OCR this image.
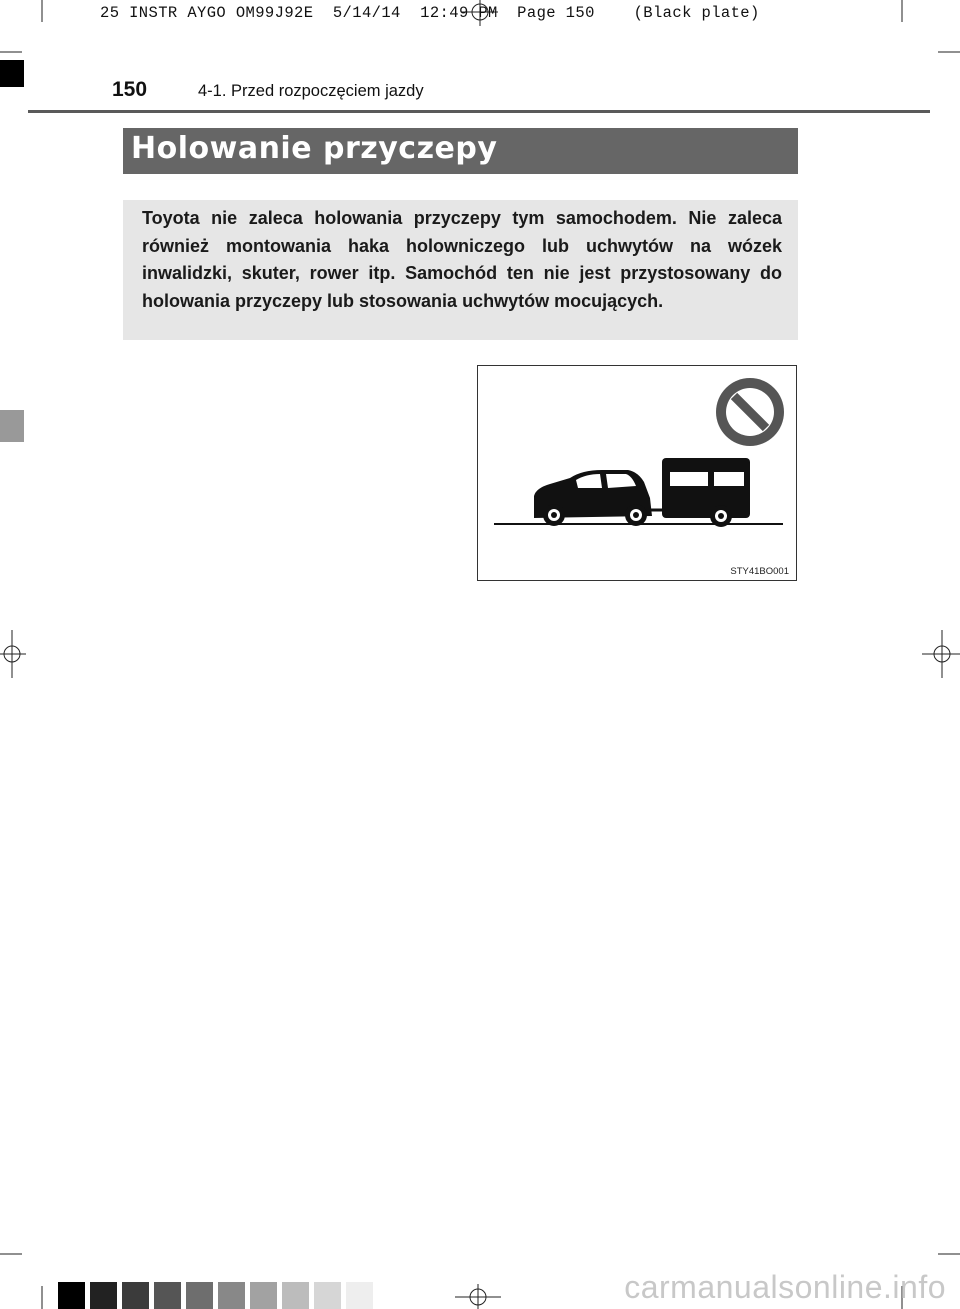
25 INSTR AYGO OM99J92E  5/14/14  12:49 PM  Page 150    (Black plate)
150	4-1. Przed rozpoczęciem jazdy
Holowanie przyczepy
Toyota nie zaleca holowania przyczepy tym samochodem. Nie zaleca również montowania haka holowniczego lub uchwytów na wózek inwalidzki, skuter, rower itp. Samochód ten nie jest przystosowany do holowania przyczepy lub stosowania uchwytów mocujących.
STY41BO001
carmanualsonline.info
